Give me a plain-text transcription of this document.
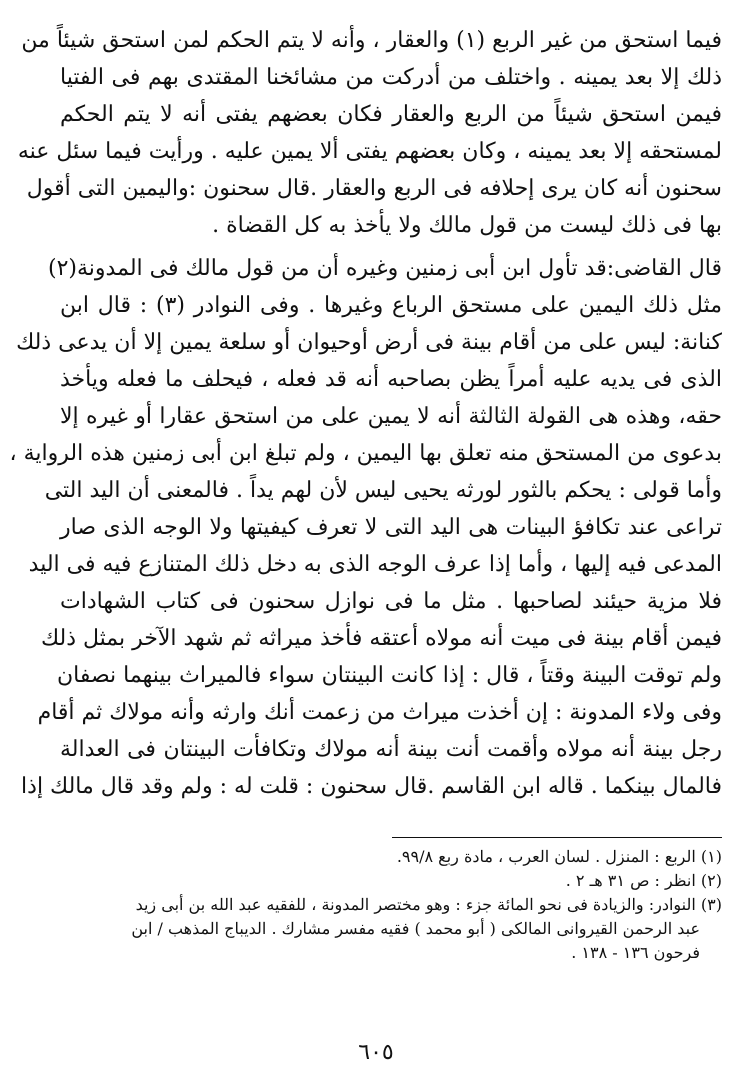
فيما استحق من غير الربع (١) والعقار ، وأنه لا يتم الحكم لمن استحق شيئاً من
ذلك إلا بعد يمينه . واختلف من أدركت من مشائخنا المقتدى بهم فى الفتيا
فيمن استحق شيئاً من الربع والعقار فكان بعضهم يفتى أنه لا يتم الحكم
لمستحقه إلا بعد يمينه ، وكان بعضهم يفتى ألا يمين عليه . ورأيت فيما سئل عنه
سحنون أنه كان يرى إحلافه فى الربع والعقار .قال سحنون :واليمين التى أقول
بها فى ذلك ليست من قول مالك ولا يأخذ به كل القضاة .

قال القاضى:قد تأول ابن أبى زمنين وغيره أن من قول مالك فى المدونة(٢)
مثل ذلك اليمين على مستحق الرباع وغيرها . وفى النوادر (٣) : قال ابن
كنانة: ليس على من أقام بينة فى أرض أوحيوان أو سلعة يمين إلا أن يدعى ذلك
الذى فى يديه عليه أمراً يظن بصاحبه أنه قد فعله ، فيحلف ما فعله ويأخذ
حقه، وهذه هى القولة الثالثة أنه لا يمين على من استحق عقارا أو غيره إلا
بدعوى من المستحق منه تعلق بها اليمين ، ولم تبلغ ابن أبى زمنين هذه الرواية ،
وأما قولى : يحكم بالثور لورثه يحيى ليس لأن لهم يداً . فالمعنى أن اليد التى
تراعى عند تكافؤ البينات هى اليد التى لا تعرف كيفيتها ولا الوجه الذى صار
المدعى فيه إليها ، وأما إذا عرف الوجه الذى به دخل ذلك المتنازع فيه فى اليد
فلا مزية حيئند لصاحبها . مثل ما فى نوازل سحنون فى كتاب الشهادات
فيمن أقام بينة فى ميت أنه مولاه أعتقه فأخذ ميراثه ثم شهد الآخر بمثل ذلك
ولم توقت البينة وقتاً ، قال : إذا كانت البينتان سواء فالميراث بينهما نصفان
وفى ولاء المدونة : إن أخذت ميراث من زعمت أنك وارثه وأنه مولاك ثم أقام
رجل بينة أنه مولاه وأقمت أنت بينة أنه مولاك وتكافأت البينتان فى العدالة
فالمال بينكما . قاله ابن القاسم .قال سحنون : قلت له : ولم وقد قال مالك إذا

(١) الربع : المنزل . لسان العرب ، مادة ربع ٩٩/٨.
(٢) انظر : ص ٣١ هـ ٢ .
(٣) النوادر: والزيادة فى نحو المائة جزء : وهو مختصر المدونة ، للفقيه عبد الله بن أبى زيد
عبد الرحمن القيروانى المالكى ( أبو محمد ) فقيه مفسر مشارك . الديباج المذهب / ابن
فرحون ١٣٦ - ١٣٨ .
٦٠٥
